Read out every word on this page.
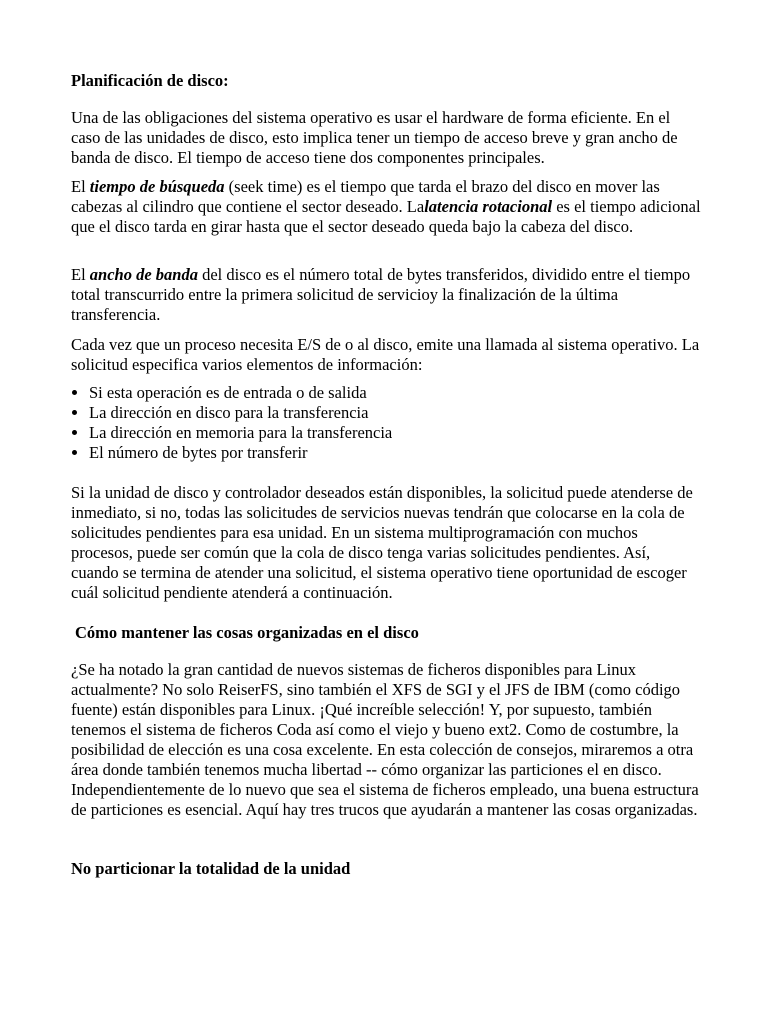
Planificación de disco:

Una de las obligaciones del sistema operativo es usar el hardware de forma eficiente. En el caso de las unidades de disco, esto implica tener un tiempo de acceso breve y gran ancho de banda de disco. El tiempo de acceso tiene dos componentes principales.

El tiempo de búsqueda (seek time) es el tiempo que tarda el brazo del disco en mover las cabezas al cilindro que contiene el sector deseado. Lalatencia rotacional es el tiempo adicional que el disco tarda en girar hasta que el sector deseado queda bajo la cabeza del disco.

El ancho de banda del disco es el número total de bytes transferidos, dividido entre el tiempo total transcurrido entre la primera solicitud de servicioy la finalización de la última transferencia.

Cada vez que un proceso necesita E/S de o al disco, emite una llamada al sistema operativo. La solicitud especifica varios elementos de información:

• Si esta operación es de entrada o de salida
• La dirección en disco para la transferencia
• La dirección en memoria para la transferencia
• El número de bytes por transferir

Si la unidad de disco y controlador deseados están disponibles, la solicitud puede atenderse de inmediato, si no, todas las solicitudes de servicios nuevas tendrán que colocarse en la cola de solicitudes pendientes para esa unidad. En un sistema multiprogramación con muchos procesos, puede ser común que la cola de disco tenga varias solicitudes pendientes. Así, cuando se termina de atender una solicitud, el sistema operativo tiene oportunidad de escoger cuál solicitud pendiente atenderá a continuación.

Cómo mantener las cosas organizadas en el disco

¿Se ha notado la gran cantidad de nuevos sistemas de ficheros disponibles para Linux actualmente? No solo ReiserFS, sino también el XFS de SGI y el JFS de IBM (como código fuente) están disponibles para Linux. ¡Qué increíble selección! Y, por supuesto, también tenemos el sistema de ficheros Coda así como el viejo y bueno ext2. Como de costumbre, la posibilidad de elección es una cosa excelente. En esta colección de consejos, miraremos a otra área donde también tenemos mucha libertad -- cómo organizar las particiones el en disco. Independientemente de lo nuevo que sea el sistema de ficheros empleado, una buena estructura de particiones es esencial. Aquí hay tres trucos que ayudarán a mantener las cosas organizadas.

No particionar la totalidad de la unidad
